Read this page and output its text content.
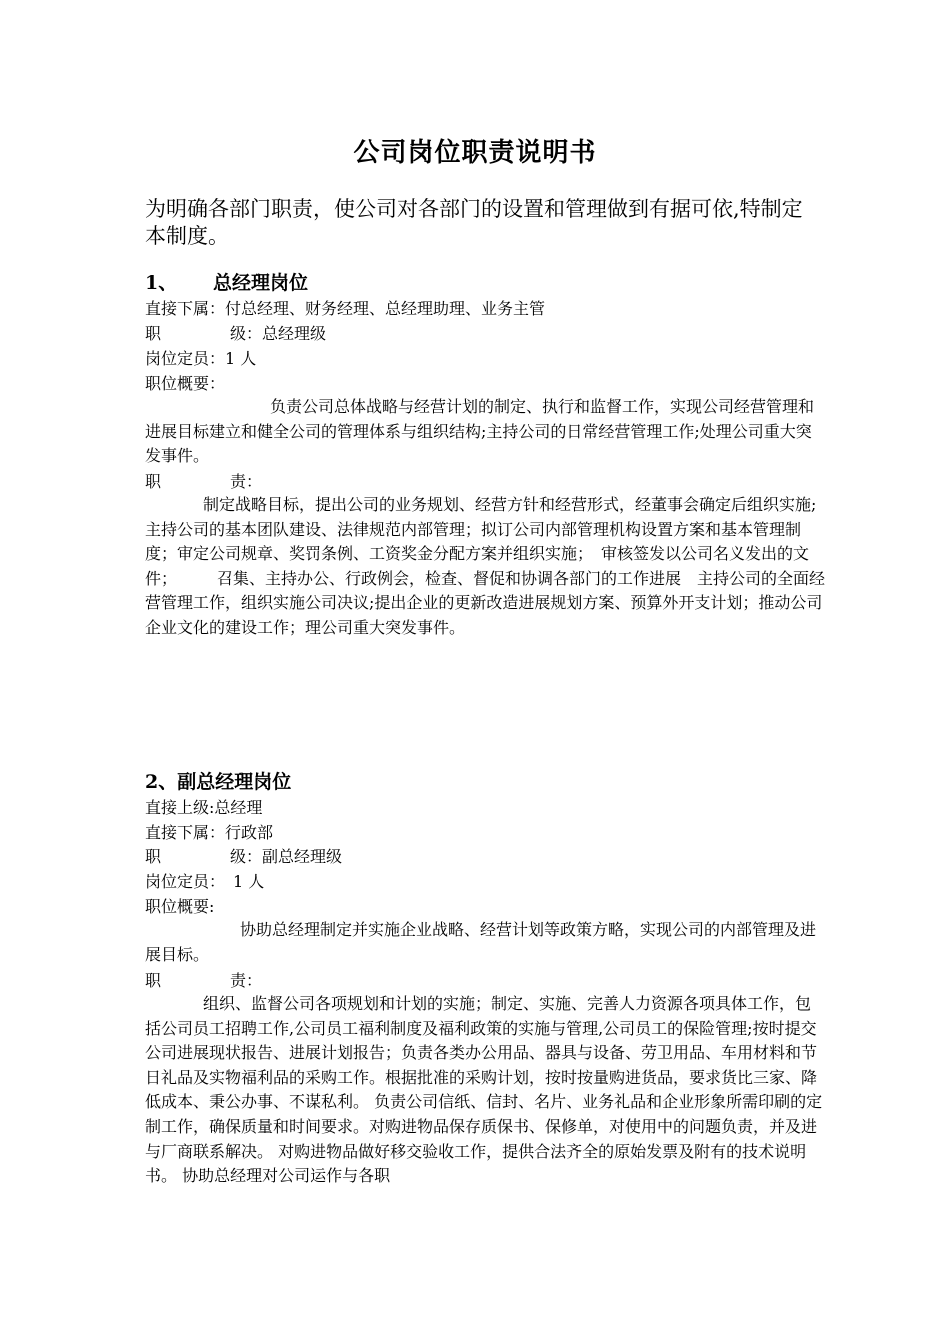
公司岗位职责说明书
为明确各部门职责，使公司对各部门的设置和管理做到有据可依,特制定本制度。
1、 总经理岗位
直接下属：付总经理、财务经理、总经理助理、业务主管
职	级：总经理级
岗位定员：1 人
职位概要：
负责公司总体战略与经营计划的制定、执行和监督工作，实现公司经营管理和进展目标建立和健全公司的管理体系与组织结构;主持公司的日常经营管理工作;处理公司重大突发事件。
职	责：
制定战略目标，提出公司的业务规划、经营方针和经营形式，经董事会确定后组织实施;主持公司的基本团队建设、法律规范内部管理；拟订公司内部管理机构设置方案和基本管理制度；审定公司规章、奖罚条例、工资奖金分配方案并组织实施；　审核签发以公司名义发出的文件；　　　召集、主持办公、行政例会，检查、督促和协调各部门的工作进展　主持公司的全面经营管理工作，组织实施公司决议;提出企业的更新改造进展规划方案、预算外开支计划；推动公司企业文化的建设工作；理公司重大突发事件。
2、副总经理岗位
直接上级:总经理
直接下属：行政部
职	级：副总经理级
岗位定员：　1 人
职位概要:
协助总经理制定并实施企业战略、经营计划等政策方略，实现公司的内部管理及进展目标。
职	责：
组织、监督公司各项规划和计划的实施；制定、实施、完善人力资源各项具体工作，包括公司员工招聘工作,公司员工福利制度及福利政策的实施与管理,公司员工的保险管理;按时提交公司进展现状报告、进展计划报告；负责各类办公用品、器具与设备、劳卫用品、车用材料和节日礼品及实物福利品的采购工作。根据批准的采购计划，按时按量购进货品，要求货比三家、降低成本、秉公办事、不谋私利。 负责公司信纸、信封、名片、业务礼品和企业形象所需印刷的定制工作，确保质量和时间要求。对购进物品保存质保书、保修单，对使用中的问题负责，并及进与厂商联系解决。 对购进物品做好移交验收工作，提供合法齐全的原始发票及附有的技术说明书。 协助总经理对公司运作与各职
